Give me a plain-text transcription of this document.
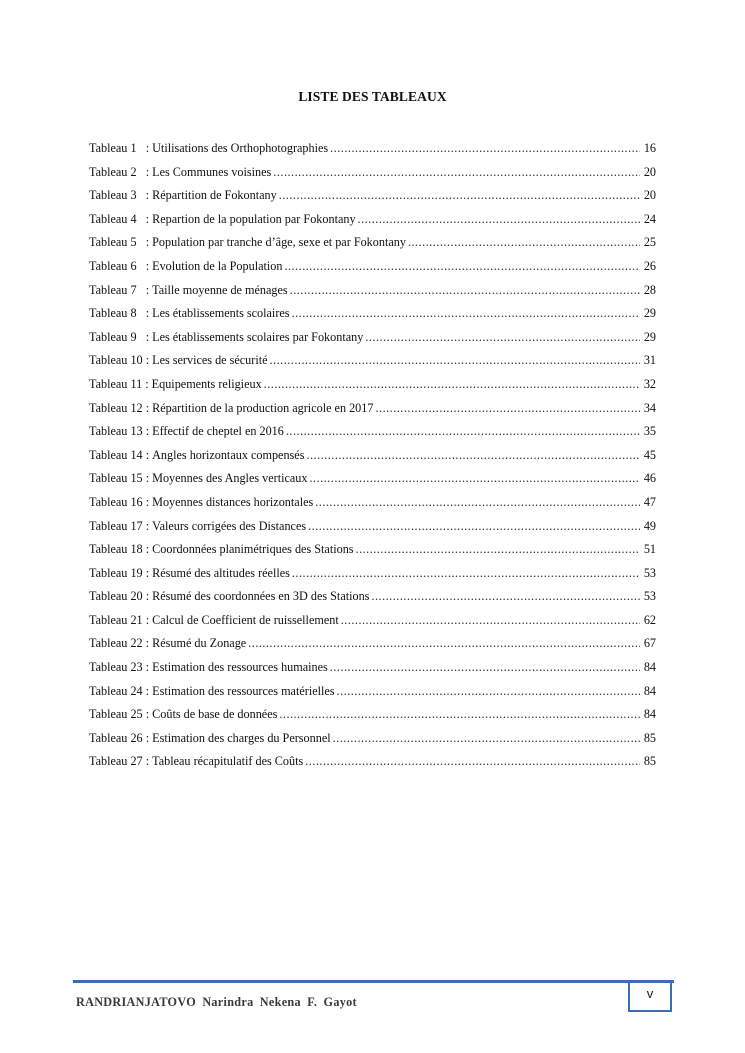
LISTE DES TABLEAUX
Tableau 1 : Utilisations des Orthophotographies .....	16
Tableau 2 : Les Communes voisines .....	20
Tableau 3 : Répartition de Fokontany .....	20
Tableau 4 : Repartion de la population par Fokontany .....	24
Tableau 5 : Population par tranche d’âge, sexe et par Fokontany .....	25
Tableau 6 : Evolution de la Population .....	26
Tableau 7 : Taille moyenne de ménages .....	28
Tableau 8 : Les établissements scolaires .....	29
Tableau 9 : Les établissements scolaires par Fokontany .....	29
Tableau 10 : Les services de sécurité .....	31
Tableau 11 : Equipements religieux .....	32
Tableau 12 : Répartition de la production agricole en 2017 .....	34
Tableau 13 : Effectif de cheptel en 2016 .....	35
Tableau 14 : Angles horizontaux compensés .....	45
Tableau 15 : Moyennes des Angles verticaux .....	46
Tableau 16 : Moyennes distances horizontales .....	47
Tableau 17 : Valeurs corrigées des Distances .....	49
Tableau 18 : Coordonnées planimétriques des Stations .....	51
Tableau 19 : Résumé des altitudes réelles .....	53
Tableau 20 : Résumé des coordonnées en 3D des Stations .....	53
Tableau 21 : Calcul de Coefficient de ruissellement .....	62
Tableau 22 : Résumé du Zonage .....	67
Tableau 23 : Estimation des ressources humaines .....	84
Tableau 24 : Estimation des ressources matérielles .....	84
Tableau 25 : Coûts de base de données .....	84
Tableau 26 : Estimation des charges du Personnel .....	85
Tableau 27 : Tableau récapitulatif des Coûts .....	85
RANDRIANJATOVO Narindra Nekena F. Gayot
v
